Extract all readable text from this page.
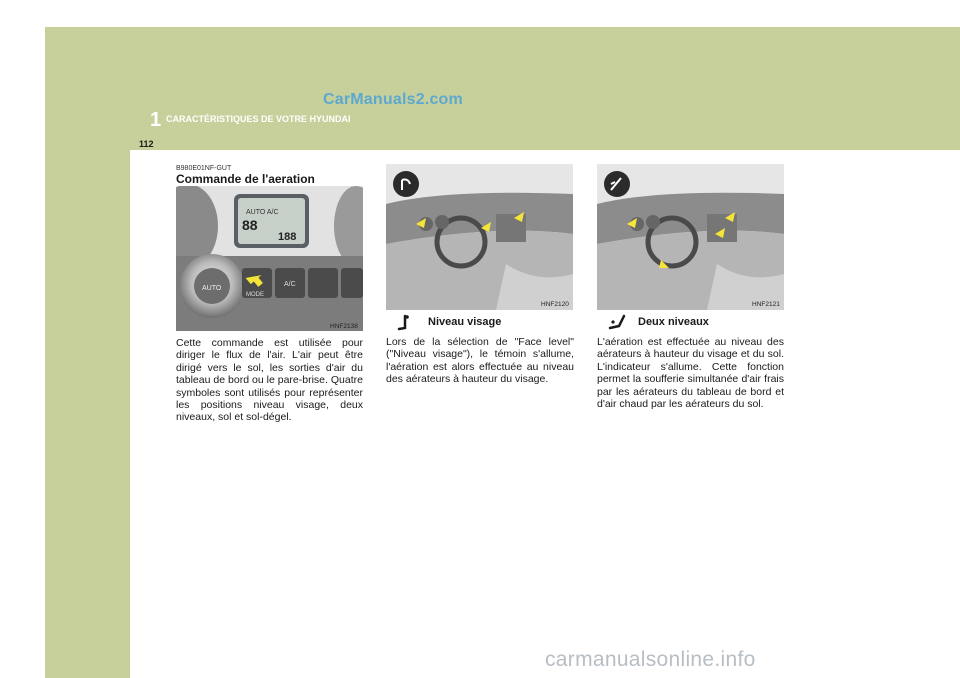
CarManuals2.com
1 CARACTÉRISTIQUES DE VOTRE HYUNDAI
112
B980E01NF-GUT
Commande de l'aeration
AUTO A/C
88
188
AUTO
MODE
A/C
HNF2138
Cette commande est utilisée pour diriger le flux de l'air. L'air peut être dirigé vers le sol, les sorties d'air du tableau de bord ou le pare-brise. Quatre symboles sont utilisés pour représenter les positions niveau visage, deux niveaux, sol et sol-dégel.
HNF2120
Niveau visage
Lors de la sélection de "Face level" ("Niveau visage"), le témoin s'allume, l'aération est alors effectuée au niveau des aérateurs à hauteur du visage.
HNF2121
Deux niveaux
L'aération est effectuée au niveau des aérateurs à hauteur du visage et du sol. L'indicateur s'allume. Cette fonction permet la soufferie simultanée d'air frais par les aérateurs du tableau de bord et d'air chaud par les aérateurs du sol.
carmanualsonline.info
